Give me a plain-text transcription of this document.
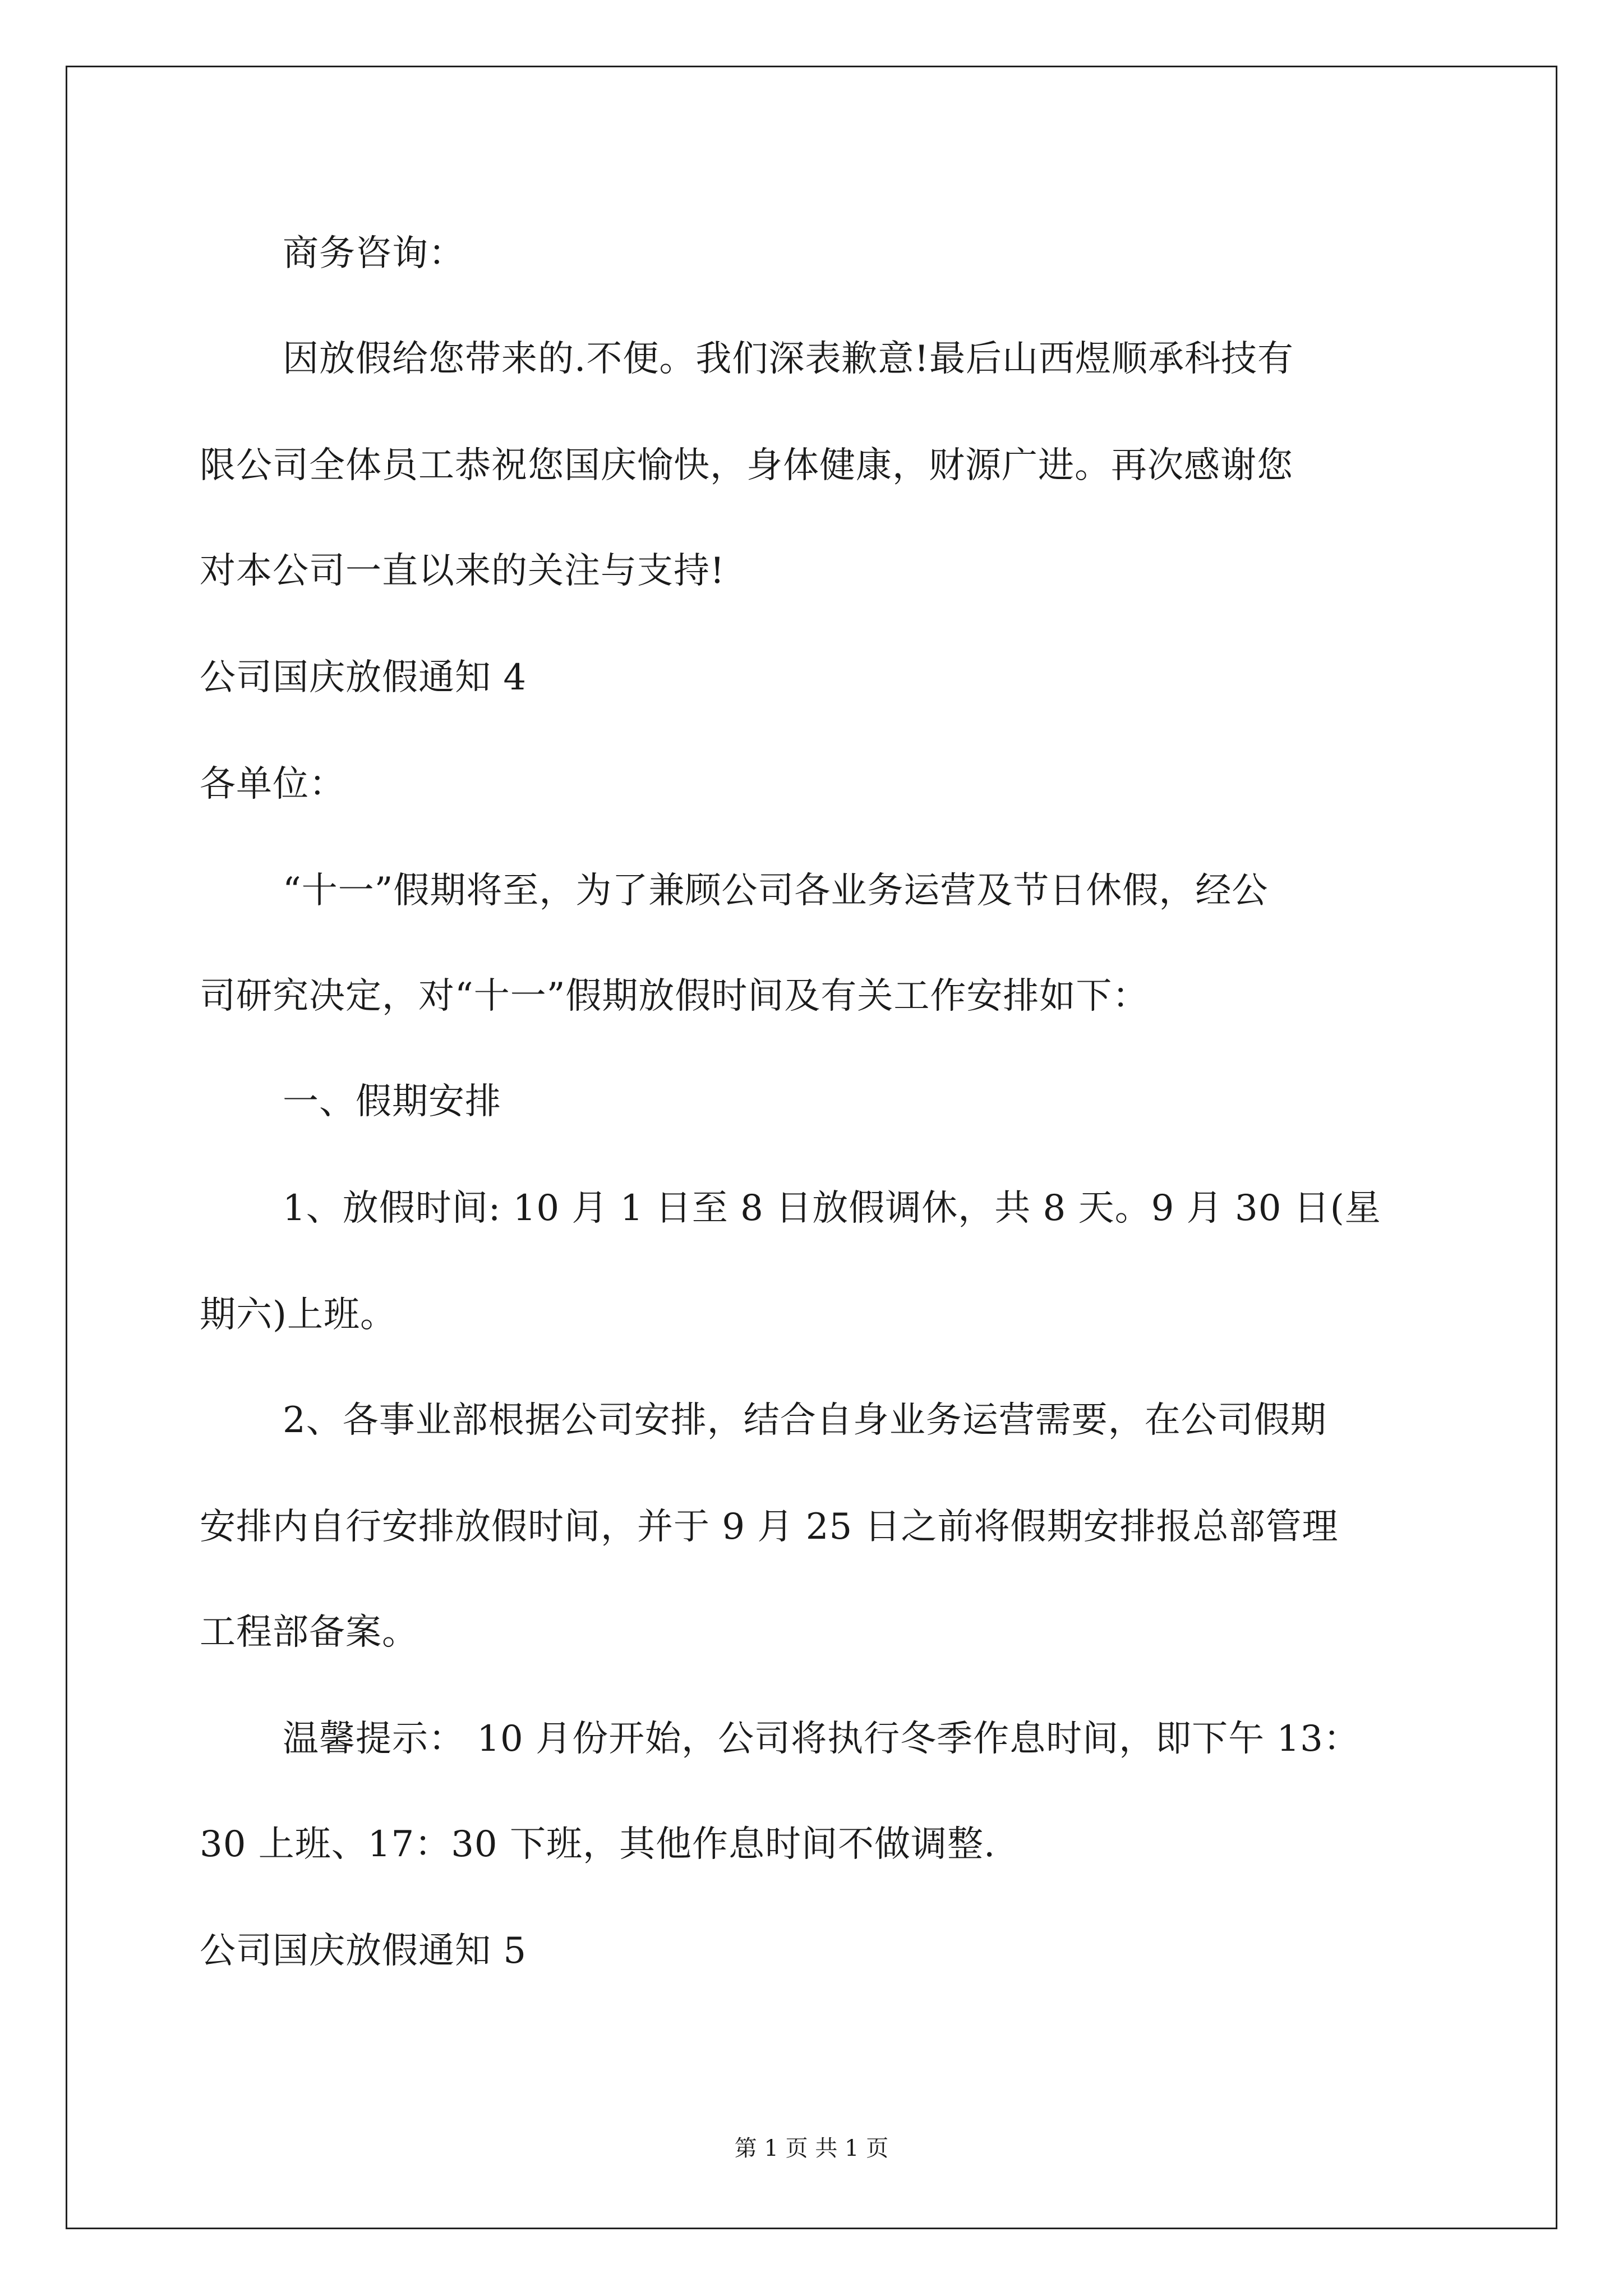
商务咨询：
因放假给您带来的.不便。我们深表歉意!最后山西煜顺承科技有
限公司全体员工恭祝您国庆愉快，身体健康，财源广进。再次感谢您
对本公司一直以来的关注与支持!
公司国庆放假通知 4
各单位：
“十一”假期将至，为了兼顾公司各业务运营及节日休假，经公
司研究决定，对“十一”假期放假时间及有关工作安排如下：
一、假期安排
1、放假时间: 10 月 1 日至 8 日放假调休，共 8 天。9 月 30 日(星
期六)上班。
2、各事业部根据公司安排，结合自身业务运营需要，在公司假期
安排内自行安排放假时间，并于 9 月 25 日之前将假期安排报总部管理
工程部备案。
温馨提示： 10 月份开始，公司将执行冬季作息时间，即下午 13：
30 上班、17：30 下班，其他作息时间不做调整.
公司国庆放假通知 5
第 1 页 共 1 页
